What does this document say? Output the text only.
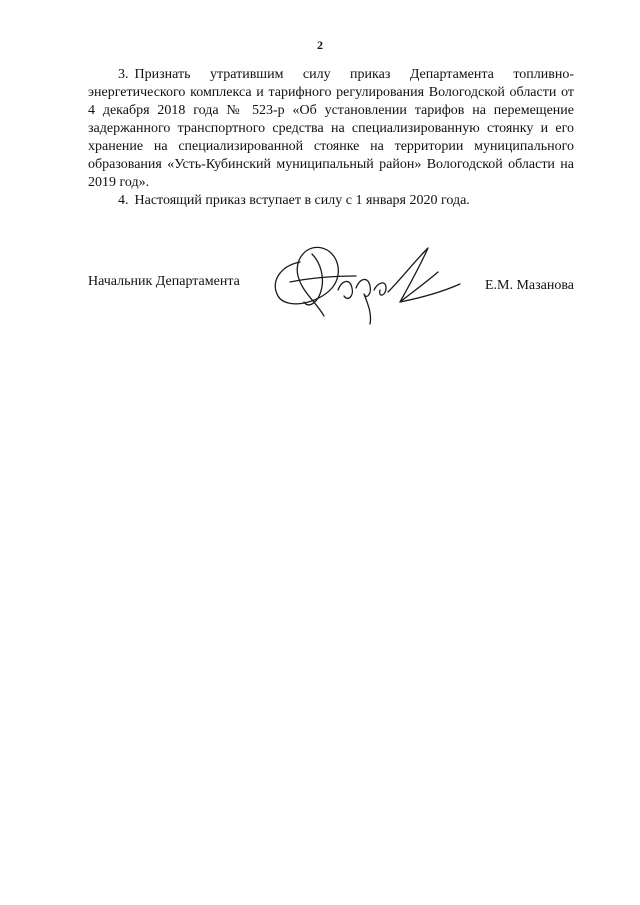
2

3. Признать утратившим силу приказ Департамента топливно-энергетического комплекса и тарифного регулирования Вологодской области от 4 декабря 2018 года № 523-р «Об установлении тарифов на перемещение задержанного транспортного средства на специализированную стоянку и его хранение на специализированной стоянке на территории муниципального образования «Усть-Кубинский муниципальный район» Вологодской области на 2019 год».

4. Настоящий приказ вступает в силу с 1 января 2020 года.

Начальник Департамента	Е.М. Мазанова
